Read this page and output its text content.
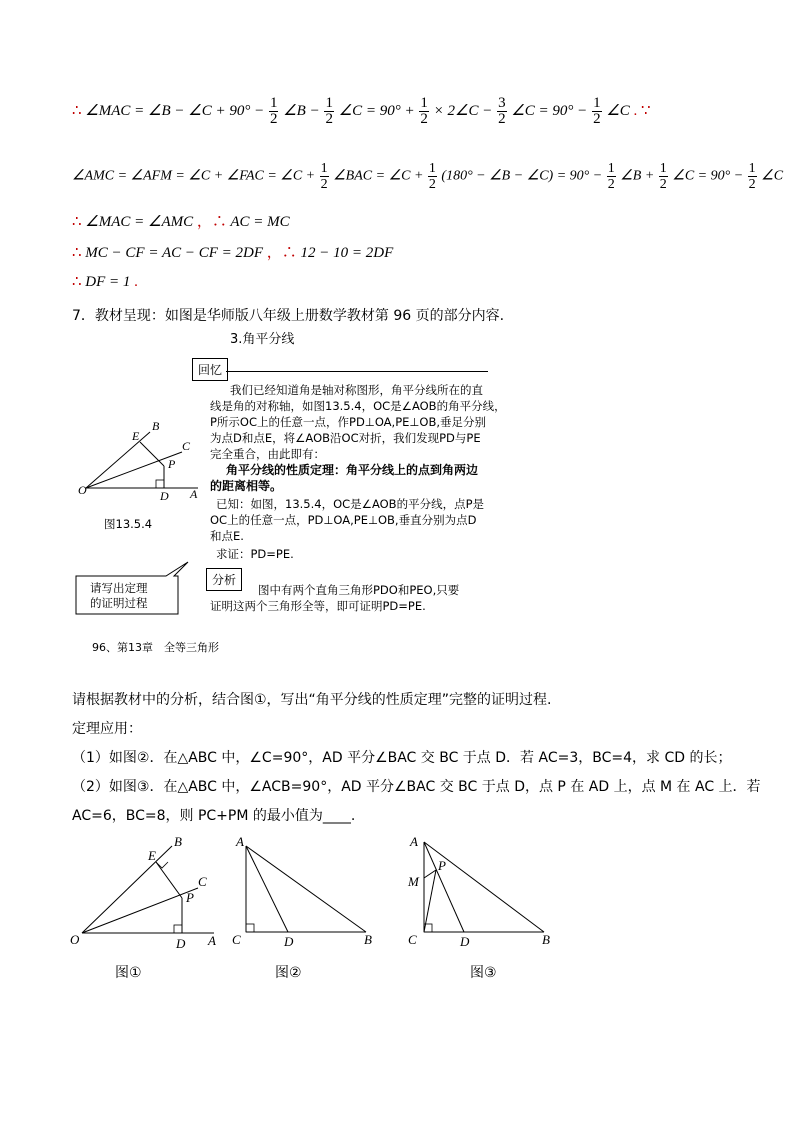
∴ ∠MAC = ∠B − ∠C + $90^\circ - \frac{1}{2}$ ∠B − $\frac{1}{2}$ ∠C = $90^\circ + \frac{1}{2}$ × 2∠C − $\frac{3}{2}$ ∠C = $90^\circ - \frac{1}{2}$ ∠C . ∵
∠AMC = ∠AFM = ∠C + ∠FAC = ∠C + $\frac{1}{2}$ ∠BAC = ∠C + $\frac{1}{2} (180^\circ$ − ∠B − ∠C) = $90^\circ - \frac{1}{2}$ ∠B + $\frac{1}{2}$ ∠C = $90^\circ - \frac{1}{2}$ ∠C
∴ ∠MAC = ∠AMC ，∴ AC = MC
∴ MC − CF = AC − CF = 2DF ，∴ 12 − 10 = 2DF
∴ DF = 1 .
7．教材呈现：如图是华师版八年级上册数学教材第 96 页的部分内容.
3.角平分线
回忆
我们已经知道角是轴对称图形，角平分线所在的直
线是角的对称轴，如图13.5.4，OC是∠AOB的角平分线，
P所示OC上的任意一点，作PD⊥OA,PE⊥OB,垂足分别
为点D和点E，将∠AOB沿OC对折，我们发现PD与PE
完全重合，由此即有：
角平分线的性质定理：角平分线上的点到角两边
的距离相等。
已知：如图，13.5.4，OC是∠AOB的平分线，点P是
OC上的任意一点，PD⊥OA,PE⊥OB,垂直分别为点D
和点E.
求证：PD=PE.
O	A
B
C
D
E
P
图13.5.4
请写出定理
的证明过程
分析
图中有两个直角三角形PDO和PEO,只要
证明这两个三角形全等，即可证明PD=PE.
96、第13章　全等三角形
请根据教材中的分析，结合图①，写出“角平分线的性质定理”完整的证明过程.
定理应用：
（1）如图②．在△ABC 中，∠C=90°，AD 平分∠BAC 交 BC 于点 D．若 AC=3，BC=4，求 CD 的长；
（2）如图③．在△ABC 中，∠ACB=90°，AD 平分∠BAC 交 BC 于点 D，点 P 在 AD 上，点 M 在 AC 上．若
AC=6，BC=8，则 PC+PM 的最小值为____.
O	A
B
C
D
E
P
图①
A
C	D	B
图②
A
M
P
C	D	B
图③
